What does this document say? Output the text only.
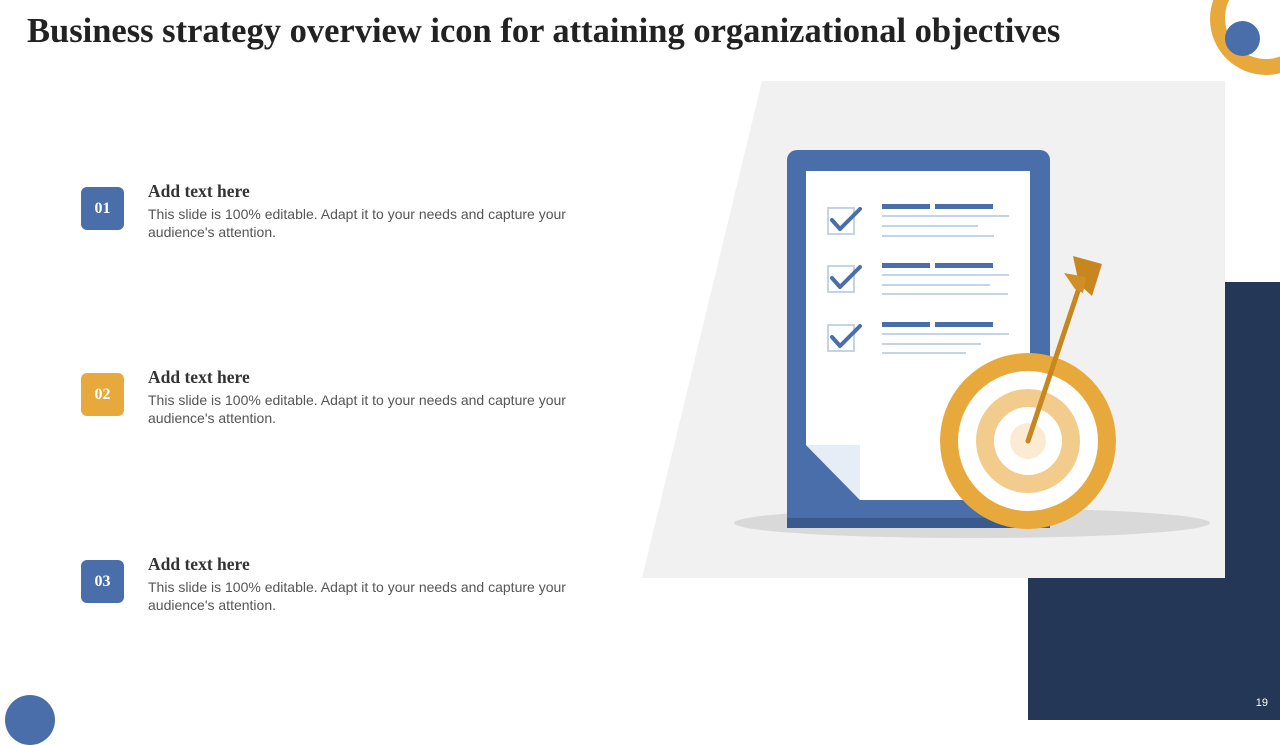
Business strategy overview icon for attaining organizational objectives
01
Add text here
This slide is 100% editable. Adapt it to your needs and capture your audience's attention.
02
Add text here
This slide is 100% editable. Adapt it to your needs and capture your audience's attention.
03
Add text here
This slide is 100% editable. Adapt it to your needs and capture your audience's attention.
19
